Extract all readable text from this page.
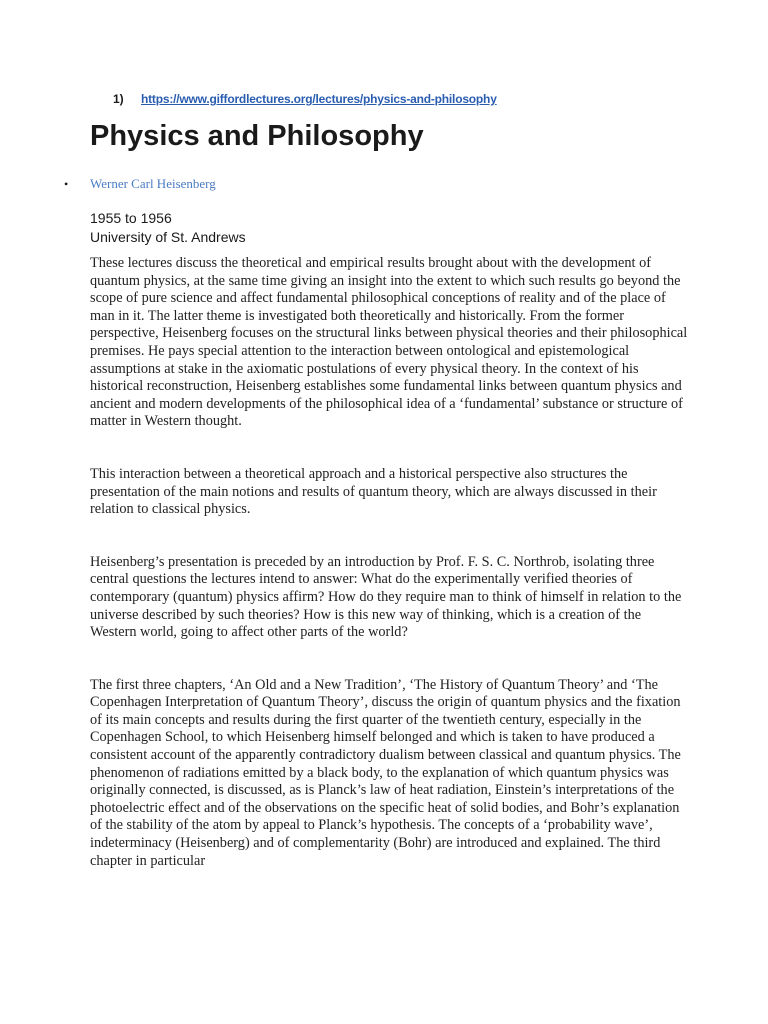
1) https://www.giffordlectures.org/lectures/physics-and-philosophy
Physics and Philosophy
• Werner Carl Heisenberg
1955 to 1956
University of St. Andrews

These lectures discuss the theoretical and empirical results brought about with the development of quantum physics, at the same time giving an insight into the extent to which such results go beyond the scope of pure science and affect fundamental philosophical conceptions of reality and of the place of man in it. The latter theme is investigated both theoretically and historically. From the former perspective, Heisenberg focuses on the structural links between physical theories and their philosophical premises. He pays special attention to the interaction between ontological and epistemological assumptions at stake in the axiomatic postulations of every physical theory. In the context of his historical reconstruction, Heisenberg establishes some fundamental links between quantum physics and ancient and modern developments of the philosophical idea of a ‘fundamental’ substance or structure of matter in Western thought.

This interaction between a theoretical approach and a historical perspective also structures the presentation of the main notions and results of quantum theory, which are always discussed in their relation to classical physics.

Heisenberg’s presentation is preceded by an introduction by Prof. F. S. C. Northrob, isolating three central questions the lectures intend to answer: What do the experimentally verified theories of contemporary (quantum) physics affirm? How do they require man to think of himself in relation to the universe described by such theories? How is this new way of thinking, which is a creation of the Western world, going to affect other parts of the world?

The first three chapters, ‘An Old and a New Tradition’, ‘The History of Quantum Theory’ and ‘The Copenhagen Interpretation of Quantum Theory’, discuss the origin of quantum physics and the fixation of its main concepts and results during the first quarter of the twentieth century, especially in the Copenhagen School, to which Heisenberg himself belonged and which is taken to have produced a consistent account of the apparently contradictory dualism between classical and quantum physics. The phenomenon of radiations emitted by a black body, to the explanation of which quantum physics was originally connected, is discussed, as is Planck’s law of heat radiation, Einstein’s interpretations of the photoelectric effect and of the observations on the specific heat of solid bodies, and Bohr’s explanation of the stability of the atom by appeal to Planck’s hypothesis. The concepts of a ‘probability wave’, indeterminacy (Heisenberg) and of complementarity (Bohr) are introduced and explained. The third chapter in particular
